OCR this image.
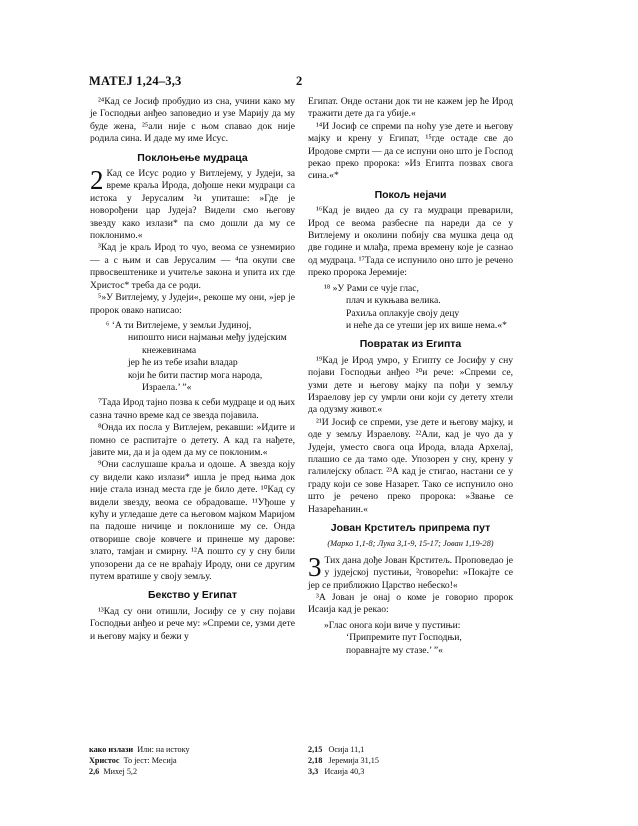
MATEJ 1,24–3,3	2

²⁴Кад се Јосиф пробудио из сна, учини како му је Господњи анђео заповедио и узе Марију да му буде жена, ²⁵али није с њом спавао док није родила сина. И даде му име Исус.

Поклоњење мудраца

2 Кад се Исус родио у Витлејему, у Јудеји, за време краља Ирода, дођоше неки мудраци са истока у Јерусалим ²и упиташе: »Где је новорођени цар Јудеја? Видели смо његову звезду како излази* па смо дошли да му се поклонимо.«

³Кад је краљ Ирод то чуо, веома се узнемирио — а с њим и сав Јерусалим — ⁴па окупи све првосвештенике и учитеље закона и упита их где Христос* треба да се роди.

⁵»У Витлејему, у Јудеји«, рекоше му они, »јер је пророк овако написао:

⁶ ‘А ти Витлејеме, у земљи Јудиној,

нипошто ниси најмањи међу јудејским

кнежевинама

јер ће из тебе изаћи владар

који ће бити пастир мога народа,

Израела.’ ”«

⁷Тада Ирод тајно позва к себи мудраце и од њих сазна тачно време кад се звезда појавила.

⁸Онда их посла у Витлејем, рекавши: »Идите и помно се распитајте о детету. А кад га нађете, јавите ми, да и ја одем да му се поклоним.«

⁹Они саслушаше краља и одоше. А звезда коју су видели како излази* ишла је пред њима док није стала изнад места где је било дете. ¹⁰Кад су видели звезду, веома се обрадоваше. ¹¹Уђоше у кућу и угледаше дете са његовом мајком Маријом па падоше ничице и поклонише му се. Онда отворише своје ковчеге и принеше му дарове: злато, тамјан и смирну. ¹²А пошто су у сну били упозорени да се не враћају Ироду, они се другим путем вратише у своју земљу.

Бекство у Египат

¹³Кад су они отишли, Јосифу се у сну појави Господњи анђео и рече му: »Спреми се, узми дете и његову мајку и бежи у

Египат. Онде остани док ти не кажем јер ће Ирод тражити дете да га убије.«

¹⁴И Јосиф се спреми па ноћу узе дете и његову мајку и крену у Египат, ¹⁵где остаде све до Иродове смрти — да се испуни оно што је Господ рекао преко пророка: »Из Египта позвах свога сина.«*

Покољ нејачи

¹⁶Кад је видео да су га мудраци преварили, Ирод се веома разбесне па нареди да се у Витлејему и околини побију сва мушка деца од две године и млађа, према времену које је сазнао од мудраца. ¹⁷Тада се испунило оно што је речено преко пророка Јеремије:

¹⁸ »У Рами се чује глас,

плач и кукњава велика.

Рахиља оплакује своју децу

и неће да се утеши јер их више нема.«*

Повратак из Египта

¹⁹Кад је Ирод умро, у Египту се Јосифу у сну појави Господњи анђео ²⁰и рече: »Спреми се, узми дете и његову мајку па пођи у земљу Израелову јер су умрли они који су детету хтели да одузму живот.«

²¹И Јосиф се спреми, узе дете и његову мајку, и оде у земљу Израелову. ²²Али, кад је чуо да у Јудеји, уместо свога оца Ирода, влада Архелај, плашио се да тамо оде. Упозорен у сну, крену у галилејску област. ²³А кад је стигао, настани се у граду који се зове Назарет. Тако се испунило оно што је речено преко пророка: »Звање се Назарећанин.«

Јован Крститељ припрема пут
(Марко 1,1-8; Лука 3,1-9, 15-17; Јован 1,19-28)

3 Тих дана дође Јован Крститељ. Проповедао је у јудејској пустињи, ²говорећи: »Покајте се јер се приближио Царство небеско!«

³А Јован је онај о коме је говорио пророк Исаија кад је рекао:

»Глас онога који виче у пустињи:

‘Припремите пут Господњи,

поравнајте му стазе.’ ”«

како излази Или: на истоку
Христос То јест: Месија
2,6 Михеј 5,2
2,15 Осија 11,1
2,18 Јеремија 31,15
3,3 Исаија 40,3
